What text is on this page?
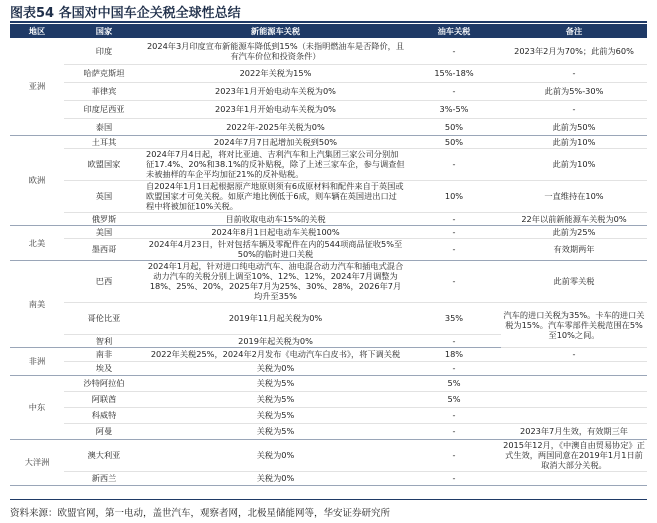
图表54 各国对中国车企关税全球性总结
地区	国家	新能源车关税	油车关税	备注
亚洲	印度	2024年3月印度宣布新能源车降低到15%（未指明燃油车是否降价，且有汽车价位和投资条件）	-	2023年2月为70%；此前为60%
	哈萨克斯坦	2022年关税为15%	15%-18%	-
	菲律宾	2023年1月开始电动车关税为0%	-	此前为5%-30%
	印度尼西亚	2023年1月开始电动车关税为0%	3%-5%	-
	泰国	2022年-2025年关税为0%	50%	此前为50%
欧洲	土耳其	2024年7月7日起增加关税到50%	50%	此前为10%
	欧盟国家	2024年7月4日起，将对比亚迪、吉利汽车和上汽集团三家公司分别加征17.4%、20%和38.1%的反补贴税，除了上述三家车企，参与调查但未被抽样的车企平均加征21%的反补贴税。	-	此前为10%
	英国	自2024年1月1日起根据原产地原则须有6成原材料和配件来自于英国或欧盟国家才可免关税。如原产地比例低于6成，则车辆在英国进出口过程中将被加征10%关税。	10%	一直维持在10%
	俄罗斯	目前收取电动车15%的关税	-	22年以前新能源车关税为0%
北美	美国	2024年8月1日起电动车关税100%	-	此前为25%
	墨西哥	2024年4月23日，针对包括车辆及零配件在内的544项商品征收5%至50%的临时进口关税	-	有效期两年
南美	巴西	2024年1月起，针对进口纯电动汽车、油电混合动力汽车和插电式混合动力汽车的关税分别上调至10%、12%、12%，2024年7月调整为18%、25%、20%，2025年7月为25%、30%、28%，2026年7月均升至35%	-	此前零关税
	哥伦比亚	2019年11月起关税为0%	35%	汽车的进口关税为35%。卡车的进口关税为15%。汽车零部件关税范围在5%至10%之间。
	智利	2019年起关税为0%	-	
非洲	南非	2022年关税25%，2024年2月发布《电动汽车白皮书》，将下调关税	18%	-
	埃及	关税为0%	-	
中东	沙特阿拉伯	关税为5%	5%	
	阿联酋	关税为5%	5%	
	科威特	关税为5%	-	
	阿曼	关税为5%	-	2023年7月生效，有效期三年
大洋洲	澳大利亚	关税为0%	-	2015年12月，《中澳自由贸易协定》正式生效，两国同意在2019年1月1日前取消大部分关税。
	新西兰	关税为0%	-	
资料来源：欧盟官网，第一电动，盖世汽车，观察者网，北极星储能网等，华安证券研究所
